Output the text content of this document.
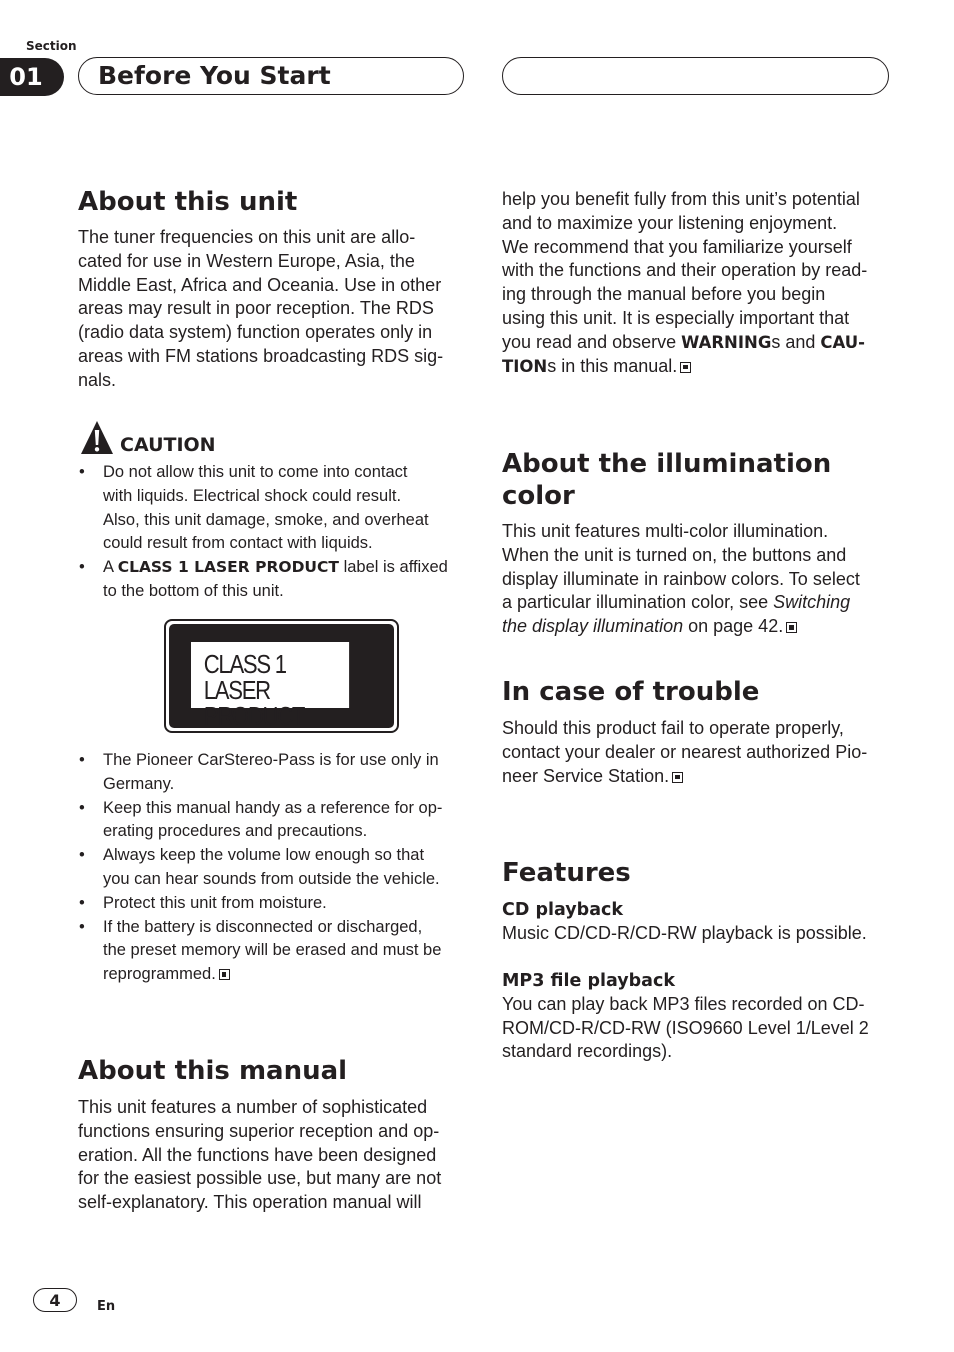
Section
01	Before You Start
About this unit
The tuner frequencies on this unit are allo-
cated for use in Western Europe, Asia, the
Middle East, Africa and Oceania. Use in other
areas may result in poor reception. The RDS
(radio data system) function operates only in
areas with FM stations broadcasting RDS sig-
nals.
CAUTION
• Do not allow this unit to come into contact
with liquids. Electrical shock could result.
Also, this unit damage, smoke, and overheat
could result from contact with liquids.
• A CLASS 1 LASER PRODUCT label is affixed
to the bottom of this unit.
CLASS 1
LASER PRODUCT
• The Pioneer CarStereo-Pass is for use only in
Germany.
• Keep this manual handy as a reference for op-
erating procedures and precautions.
• Always keep the volume low enough so that
you can hear sounds from outside the vehicle.
• Protect this unit from moisture.
• If the battery is disconnected or discharged,
the preset memory will be erased and must be
reprogrammed.
About this manual
This unit features a number of sophisticated
functions ensuring superior reception and op-
eration. All the functions have been designed
for the easiest possible use, but many are not
self-explanatory. This operation manual will
help you benefit fully from this unit’s potential
and to maximize your listening enjoyment.
We recommend that you familiarize yourself
with the functions and their operation by read-
ing through the manual before you begin
using this unit. It is especially important that
you read and observe WARNINGs and CAU-
TIONs in this manual.
About the illumination color
This unit features multi-color illumination.
When the unit is turned on, the buttons and
display illuminate in rainbow colors. To select
a particular illumination color, see Switching
the display illumination on page 42.
In case of trouble
Should this product fail to operate properly,
contact your dealer or nearest authorized Pio-
neer Service Station.
Features
CD playback
Music CD/CD-R/CD-RW playback is possible.
MP3 file playback
You can play back MP3 files recorded on CD-
ROM/CD-R/CD-RW (ISO9660 Level 1/Level 2
standard recordings).
4	En
